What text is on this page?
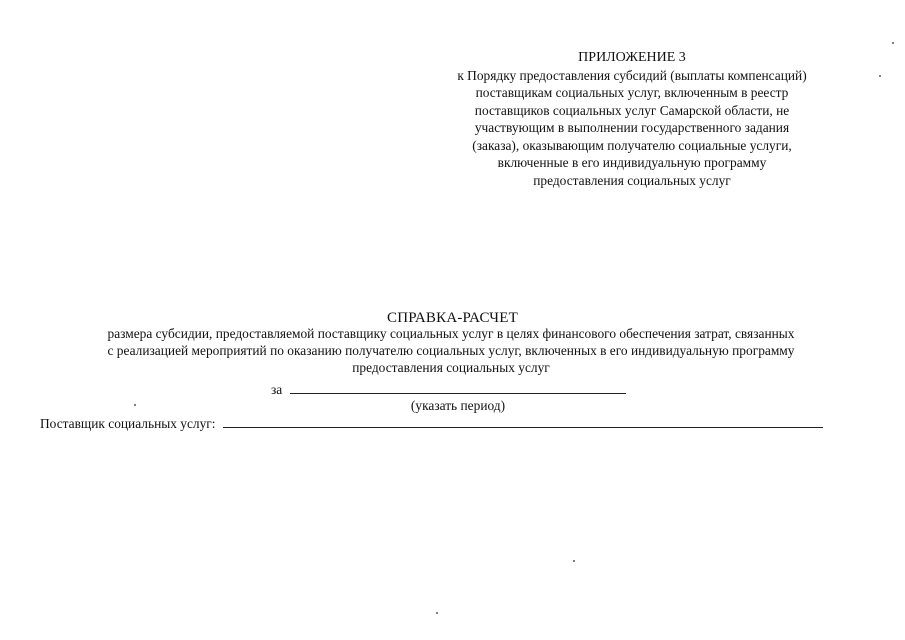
ПРИЛОЖЕНИЕ 3
к Порядку предоставления субсидий (выплаты компенсаций)
поставщикам социальных услуг, включенным в реестр
поставщиков социальных услуг Самарской области, не
участвующим в выполнении государственного задания
(заказа), оказывающим получателю социальные услуги,
включенные в его индивидуальную программу
предоставления социальных услуг
СПРАВКА-РАСЧЕТ
размера субсидии, предоставляемой поставщику социальных услуг в целях финансового обеспечения затрат, связанных
с реализацией мероприятий по оказанию получателю социальных услуг, включенных в его индивидуальную программу
предоставления социальных услуг
за
(указать период)
Поставщик социальных услуг:
